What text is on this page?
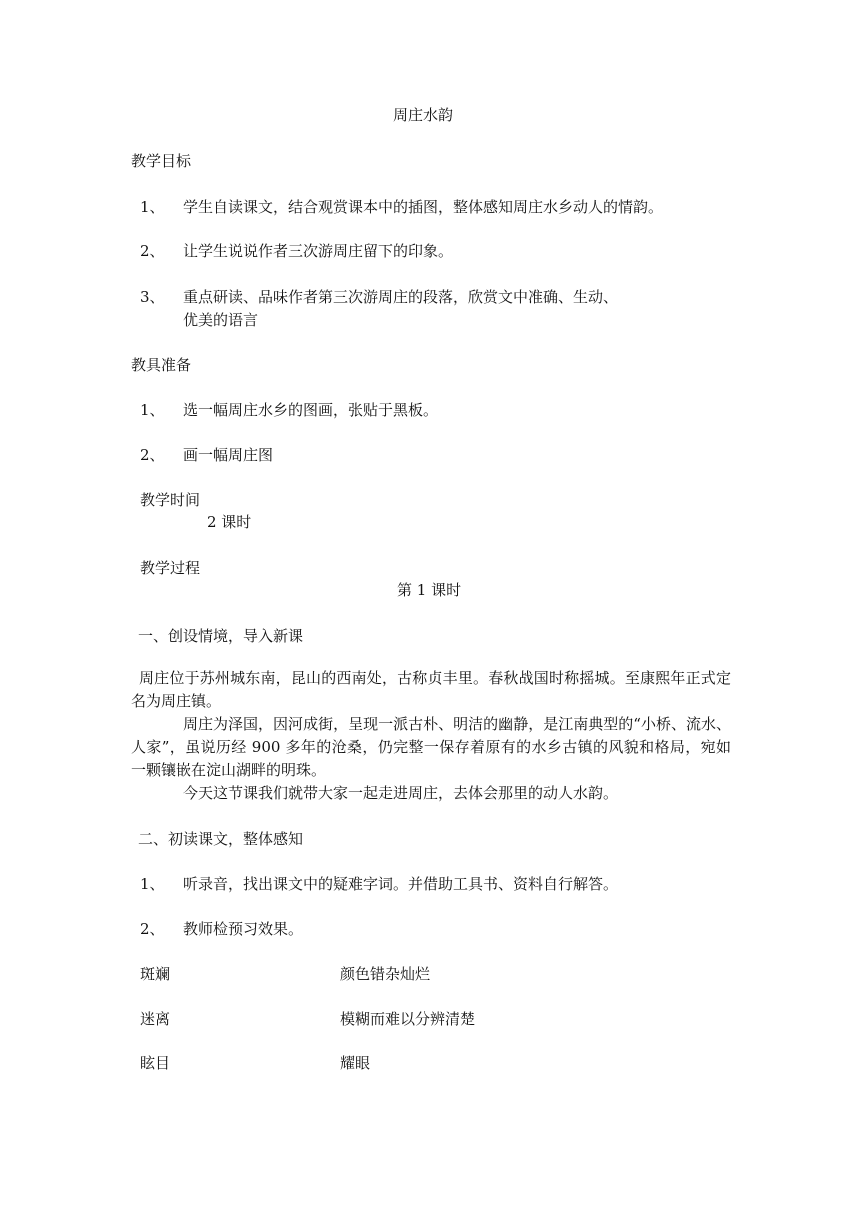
周庄水韵
教学目标
1、 学生自读课文，结合观赏课本中的插图，整体感知周庄水乡动人的情韵。
2、 让学生说说作者三次游周庄留下的印象。
3、 重点研读、品味作者第三次游周庄的段落，欣赏文中准确、生动、
优美的语言
教具准备
1、 选一幅周庄水乡的图画，张贴于黑板。
2、 画一幅周庄图
教学时间
2 课时
教学过程
第 1 课时
一、创设情境，导入新课
周庄位于苏州城东南，昆山的西南处，古称贞丰里。春秋战国时称摇城。至康熙年正式定名为周庄镇。
周庄为泽国，因河成街，呈现一派古朴、明洁的幽静，是江南典型的“小桥、流水、人家”，虽说历经 900 多年的沧桑，仍完整一保存着原有的水乡古镇的风貌和格局，宛如一颗镶嵌在淀山湖畔的明珠。
今天这节课我们就带大家一起走进周庄，去体会那里的动人水韵。
二、初读课文，整体感知
1、 听录音，找出课文中的疑难字词。并借助工具书、资料自行解答。
2、 教师检预习效果。
斑斓	颜色错杂灿烂
迷离	模糊而难以分辨清楚
眩目	耀眼
